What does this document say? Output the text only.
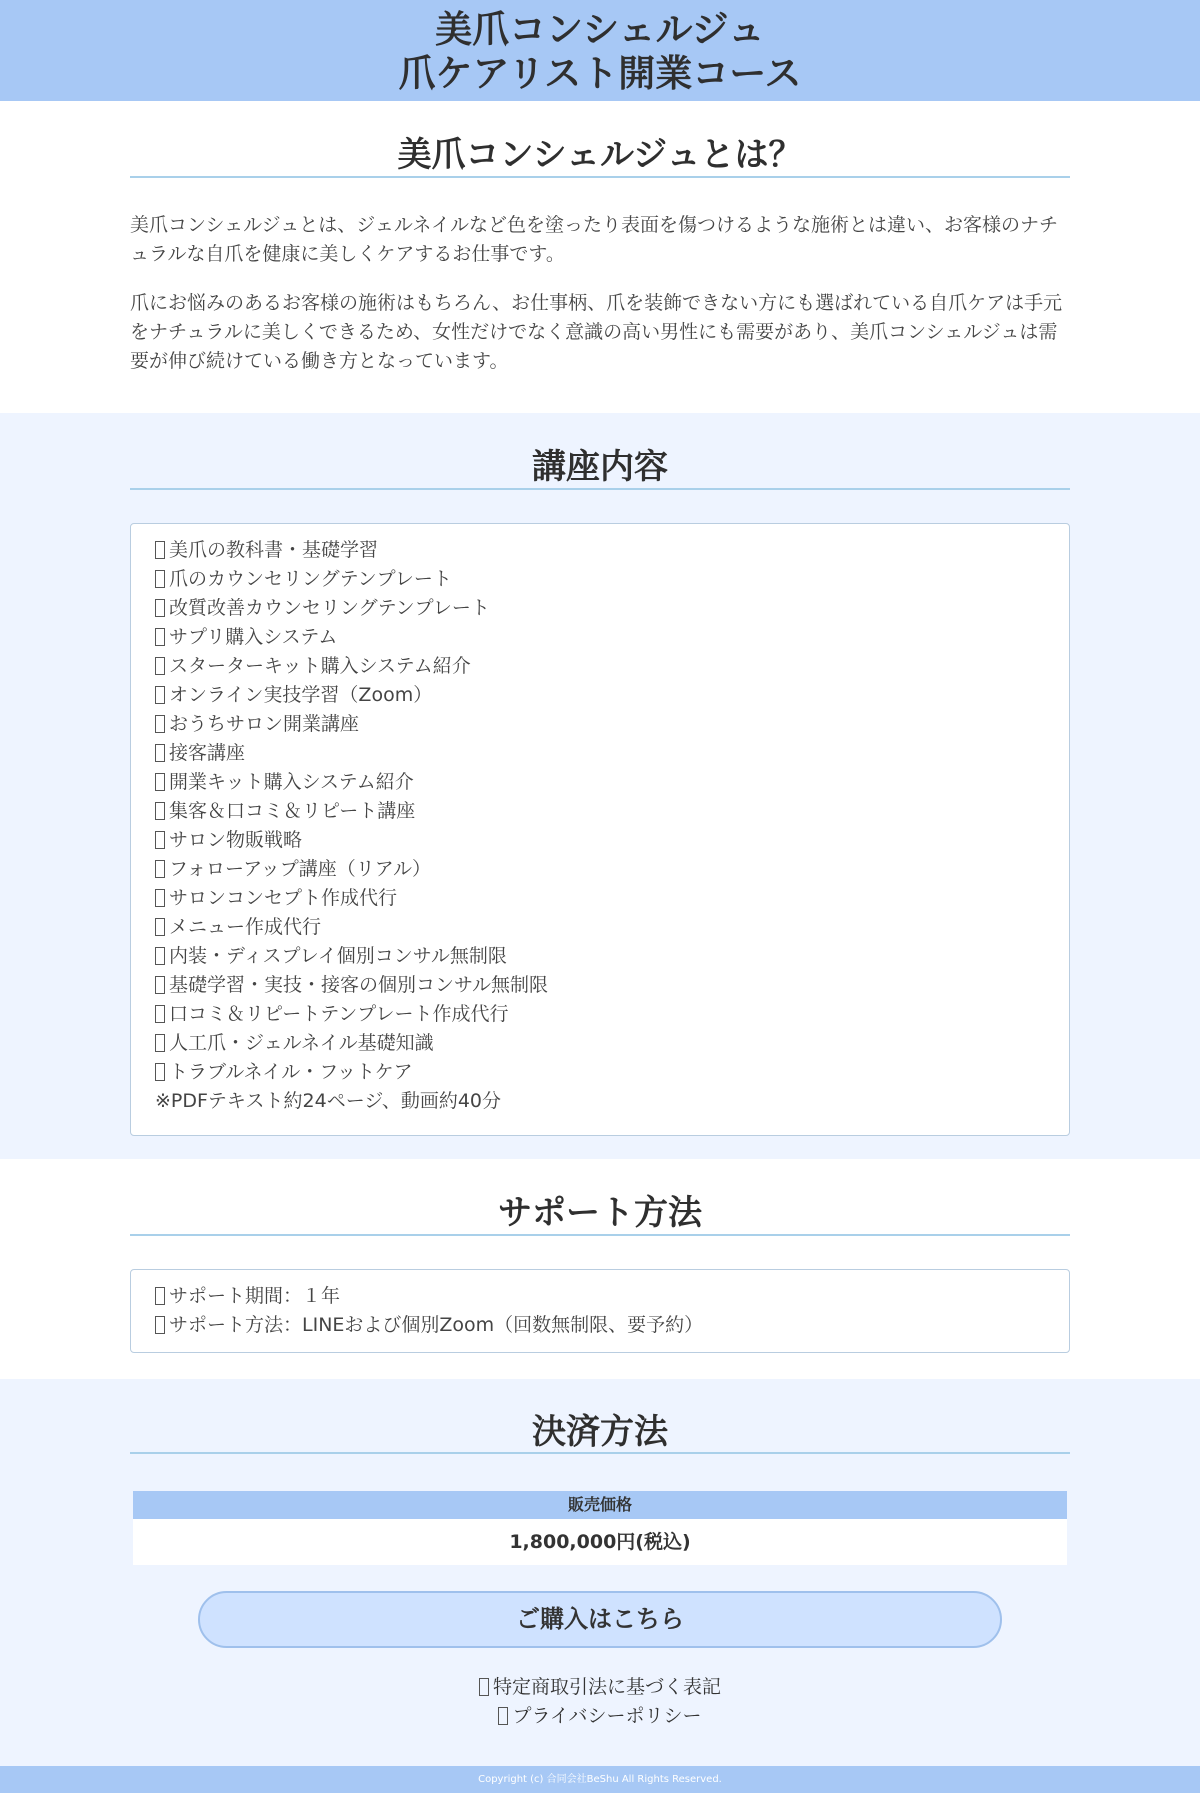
美爪コンシェルジュ
爪ケアリスト開業コース
美爪コンシェルジュとは？
美爪コンシェルジュとは、ジェルネイルなど色を塗ったり表面を傷つけるような施術とは違い、お客様のナチ
ュラルな自爪を健康に美しくケアするお仕事です。
爪にお悩みのあるお客様の施術はもちろん、お仕事柄、爪を装飾できない方にも選ばれている自爪ケアは手元
をナチュラルに美しくできるため、女性だけでなく意識の高い男性にも需要があり、美爪コンシェルジュは需
要が伸び続けている働き方となっています。
講座内容
美爪の教科書・基礎学習
爪のカウンセリングテンプレート
改質改善カウンセリングテンプレート
サプリ購入システム
スターターキット購入システム紹介
オンライン実技学習（Zoom）
おうちサロン開業講座
接客講座
開業キット購入システム紹介
集客＆口コミ＆リピート講座
サロン物販戦略
フォローアップ講座（リアル）
サロンコンセプト作成代行
メニュー作成代行
内装・ディスプレイ個別コンサル無制限
基礎学習・実技・接客の個別コンサル無制限
口コミ＆リピートテンプレート作成代行
人工爪・ジェルネイル基礎知識
トラブルネイル・フットケア
※PDFテキスト約24ページ、動画約40分
サポート方法
サポート期間：１年
サポート方法：LINEおよび個別Zoom（回数無制限、要予約）
決済方法
販売価格
1,800,000円(税込)
ご購入はこちら
特定商取引法に基づく表記
プライバシーポリシー
Copyright (c) 合同会社BeShu All Rights Reserved.
